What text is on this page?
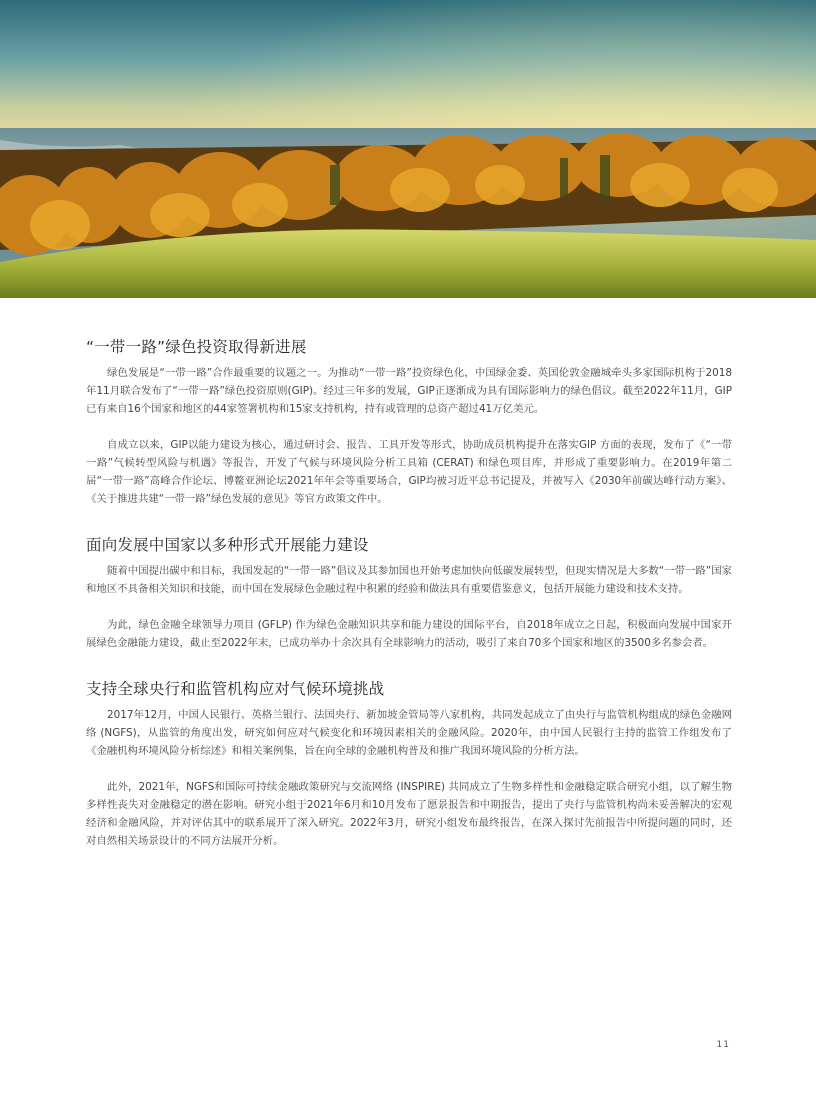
“一带一路”绿色投资取得新进展

绿色发展是“一带一路”合作最重要的议题之一。为推动“一带一路”投资绿色化，中国绿金委、英国伦敦金融城牵头多家国际机构于2018年11月联合发布了“一带一路”绿色投资原则(GIP)。经过三年多的发展，GIP正逐渐成为具有国际影响力的绿色倡议。截至2022年11月，GIP已有来自16个国家和地区的44家签署机构和15家支持机构，持有或管理的总资产超过41万亿美元。

自成立以来，GIP以能力建设为核心，通过研讨会、报告、工具开发等形式，协助成员机构提升在落实GIP 方面的表现，发布了《“一带一路”气候转型风险与机遇》等报告，开发了气候与环境风险分析工具箱 (CERAT) 和绿色项目库，并形成了重要影响力。在2019年第二届“一带一路”高峰合作论坛、博鳌亚洲论坛2021年年会等重要场合，GIP均被习近平总书记提及，并被写入《2030年前碳达峰行动方案》、《关于推进共建“一带一路”绿色发展的意见》等官方政策文件中。

面向发展中国家以多种形式开展能力建设

随着中国提出碳中和目标，我国发起的“一带一路”倡议及其参加国也开始考虑加快向低碳发展转型，但现实情况是大多数“一带一路”国家和地区不具备相关知识和技能，而中国在发展绿色金融过程中积累的经验和做法具有重要借鉴意义，包括开展能力建设和技术支持。

为此，绿色金融全球领导力项目 (GFLP) 作为绿色金融知识共享和能力建设的国际平台，自2018年成立之日起，积极面向发展中国家开展绿色金融能力建设，截止至2022年末，已成功举办十余次具有全球影响力的活动，吸引了来自70多个国家和地区的3500多名参会者。

支持全球央行和监管机构应对气候环境挑战

2017年12月，中国人民银行、英格兰银行、法国央行、新加坡金管局等八家机构，共同发起成立了由央行与监管机构组成的绿色金融网络 (NGFS)，从监管的角度出发，研究如何应对气候变化和环境因素相关的金融风险。2020年，由中国人民银行主持的监管工作组发布了《金融机构环境风险分析综述》和相关案例集，旨在向全球的金融机构普及和推广我国环境风险的分析方法。

此外，2021年，NGFS和国际可持续金融政策研究与交流网络 (INSPIRE) 共同成立了生物多样性和金融稳定联合研究小组，以了解生物多样性丧失对金融稳定的潜在影响。研究小组于2021年6月和10月发布了愿景报告和中期报告，提出了央行与监管机构尚未妥善解决的宏观经济和金融风险，并对评估其中的联系展开了深入研究。2022年3月，研究小组发布最终报告，在深入探讨先前报告中所提问题的同时，还对自然相关场景设计的不同方法展开分析。

11
